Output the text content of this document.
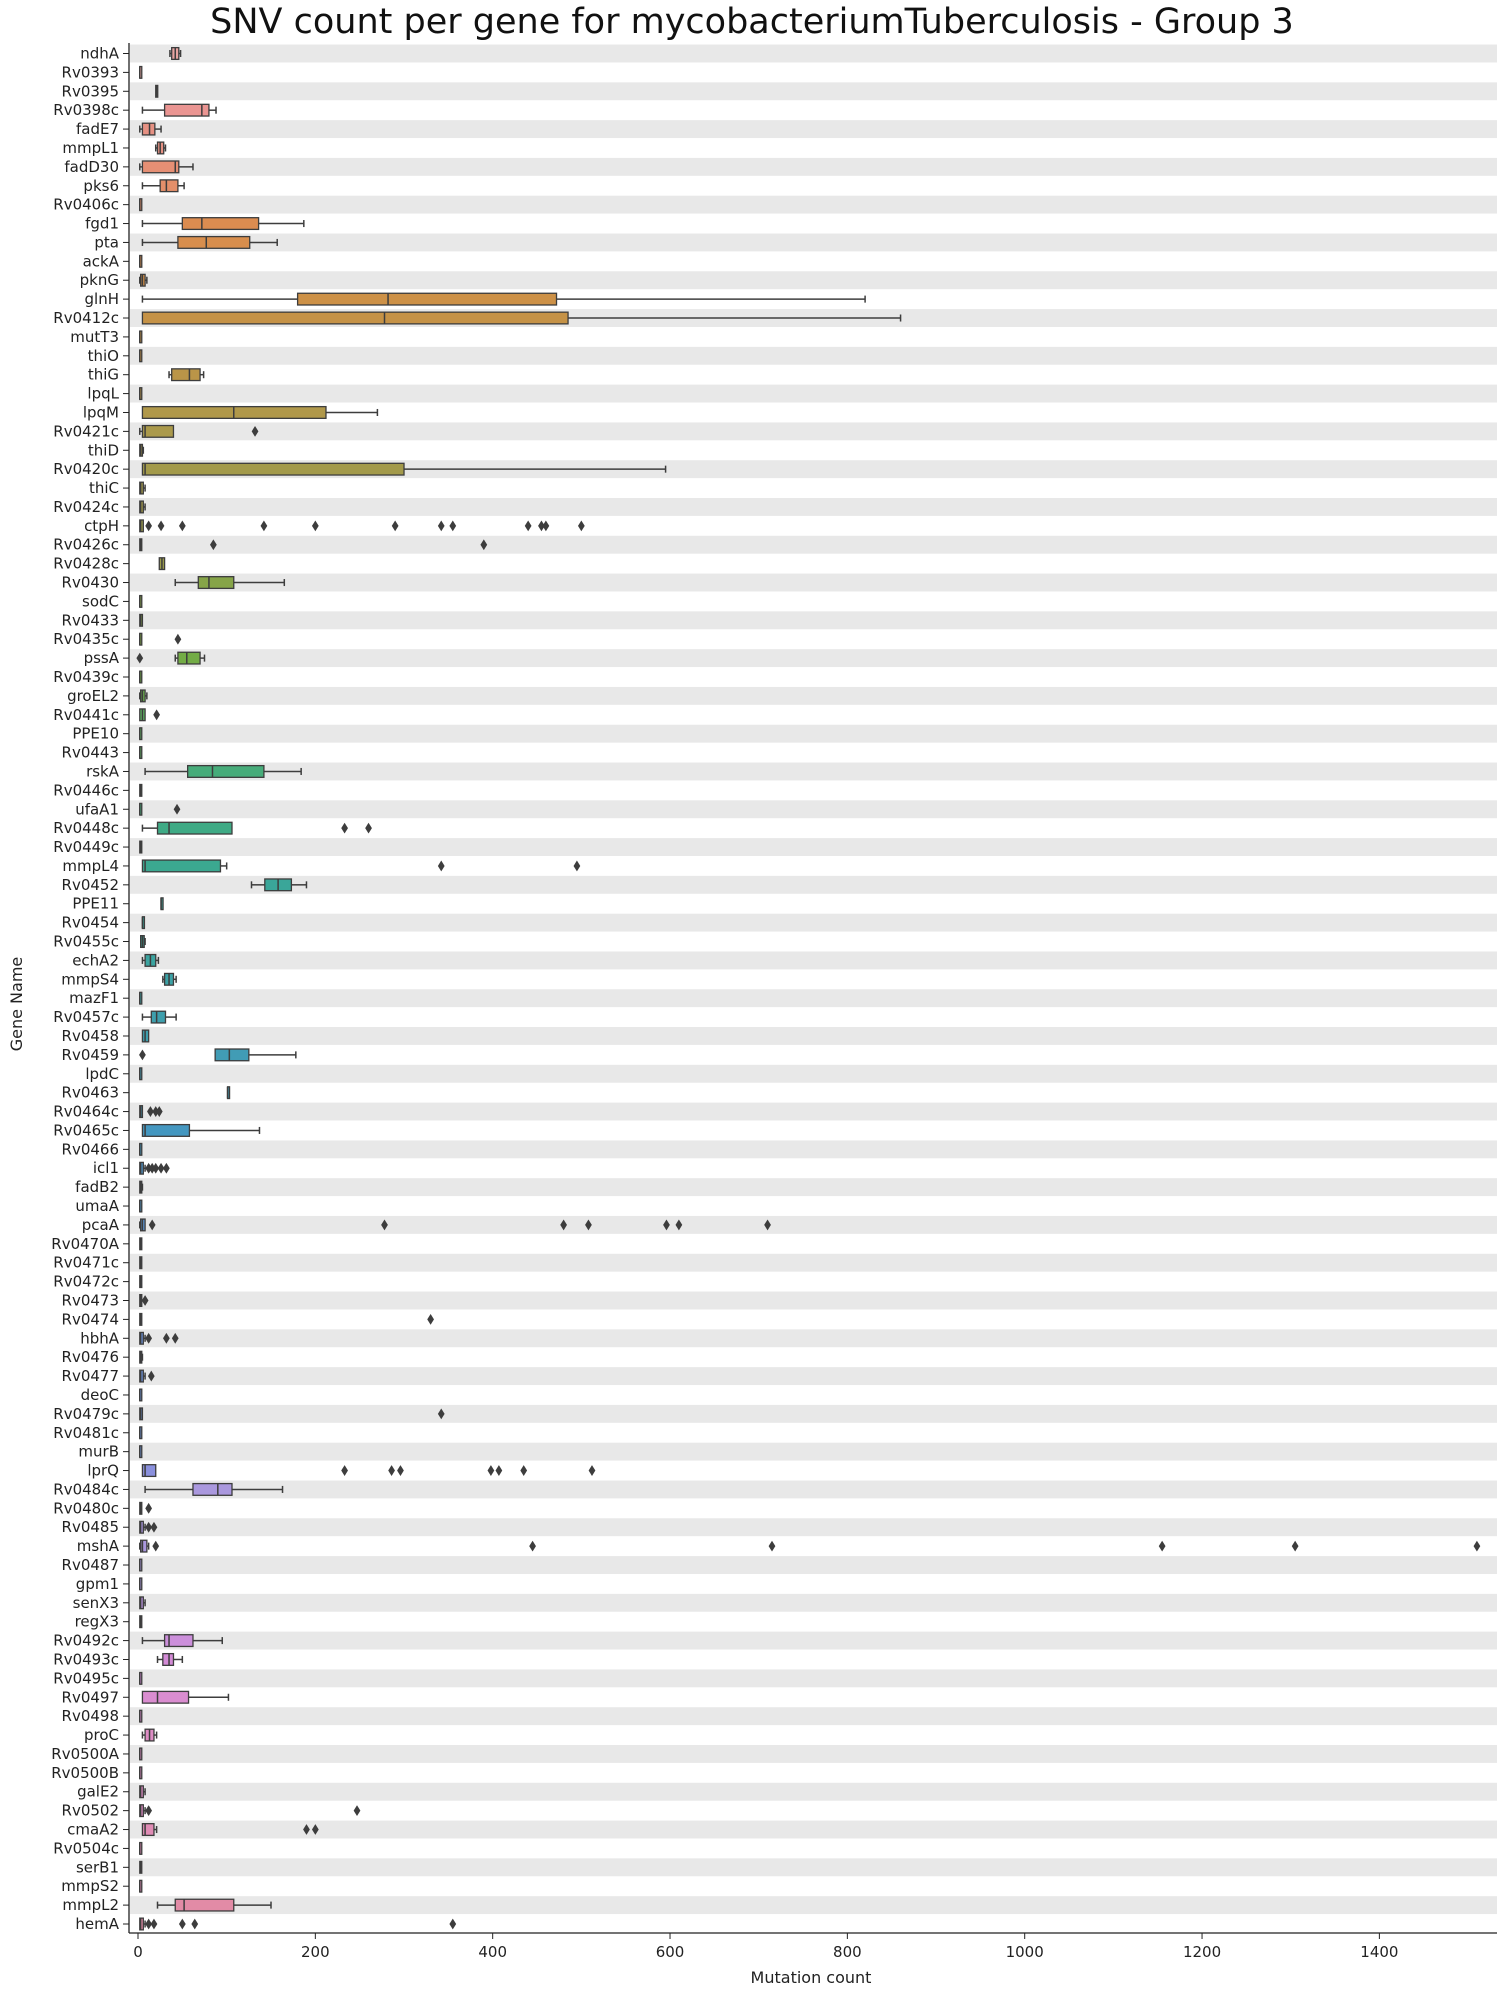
SNV count per gene for mycobacteriumTuberculosis - Group 3
ndhA
Rv0393
Rv0395
Rv0398c
fadE7
mmpL1
fadD30
pks6
Rv0406c
fgd1
pta
ackA
pknG
glnH
Rv0412c
mutT3
thiO
thiG
lpqL
lpqM
Rv0421c
thiD
Rv0420c
thiC
Rv0424c
ctpH
Rv0426c
Rv0428c
Rv0430
sodC
Rv0433
Rv0435c
pssA
Rv0439c
groEL2
Rv0441c
PPE10
Rv0443
rskA
Rv0446c
ufaA1
Rv0448c
Rv0449c
mmpL4
Rv0452
PPE11
Rv0454
Rv0455c
echA2
mmpS4
mazF1
Rv0457c
Rv0458
Rv0459
lpdC
Rv0463
Rv0464c
Rv0465c
Rv0466
icl1
fadB2
umaA
pcaA
Rv0470A
Rv0471c
Rv0472c
Rv0473
Rv0474
hbhA
Rv0476
Rv0477
deoC
Rv0479c
Rv0481c
murB
lprQ
Rv0484c
Rv0480c
Rv0485
mshA
Rv0487
gpm1
senX3
regX3
Rv0492c
Rv0493c
Rv0495c
Rv0497
Rv0498
proC
Rv0500A
Rv0500B
galE2
Rv0502
cmaA2
Rv0504c
serB1
mmpS2
mmpL2
hemA
0	200	400	600	800	1000	1200	1400
Mutation count
Gene Name
